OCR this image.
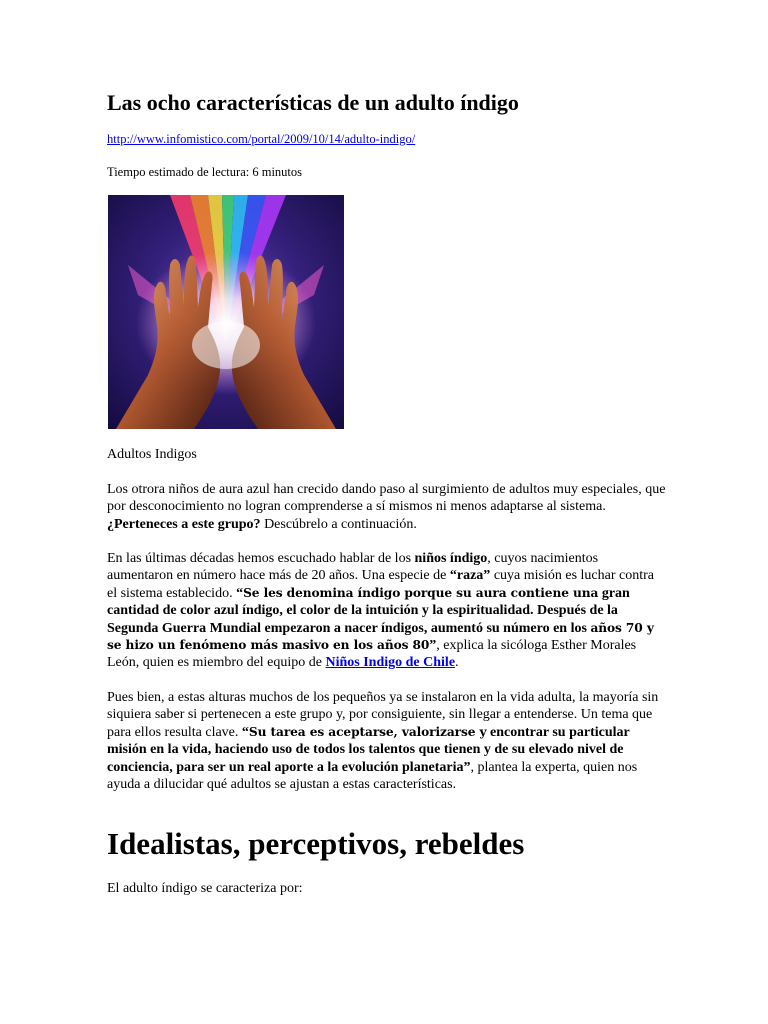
Las ocho características de un adulto índigo
http://www.infomistico.com/portal/2009/10/14/adulto-indigo/
Tiempo estimado de lectura: 6 minutos
Adultos Indigos

Los otrora niños de aura azul han crecido dando paso al surgimiento de adultos muy especiales, que por desconocimiento no logran comprenderse a sí mismos ni menos adaptarse al sistema. ¿Perteneces a este grupo? Descúbrelo a continuación.

En las últimas décadas hemos escuchado hablar de los niños índigo, cuyos nacimientos aumentaron en número hace más de 20 años. Una especie de “raza” cuya misión es luchar contra el sistema establecido. “Se les denomina índigo porque su aura contiene una gran cantidad de color azul índigo, el color de la intuición y la espiritualidad. Después de la Segunda Guerra Mundial empezaron a nacer índigos, aumentó su número en los años 70 y se hizo un fenómeno más masivo en los años 80”, explica la sicóloga Esther Morales León, quien es miembro del equipo de Niños Indigo de Chile.

Pues bien, a estas alturas muchos de los pequeños ya se instalaron en la vida adulta, la mayoría sin siquiera saber si pertenecen a este grupo y, por consiguiente, sin llegar a entenderse. Un tema que para ellos resulta clave. “Su tarea es aceptarse, valorizarse y encontrar su particular misión en la vida, haciendo uso de todos los talentos que tienen y de su elevado nivel de conciencia, para ser un real aporte a la evolución planetaria”, plantea la experta, quien nos ayuda a dilucidar qué adultos se ajustan a estas características.

Idealistas, perceptivos, rebeldes
El adulto índigo se caracteriza por:
